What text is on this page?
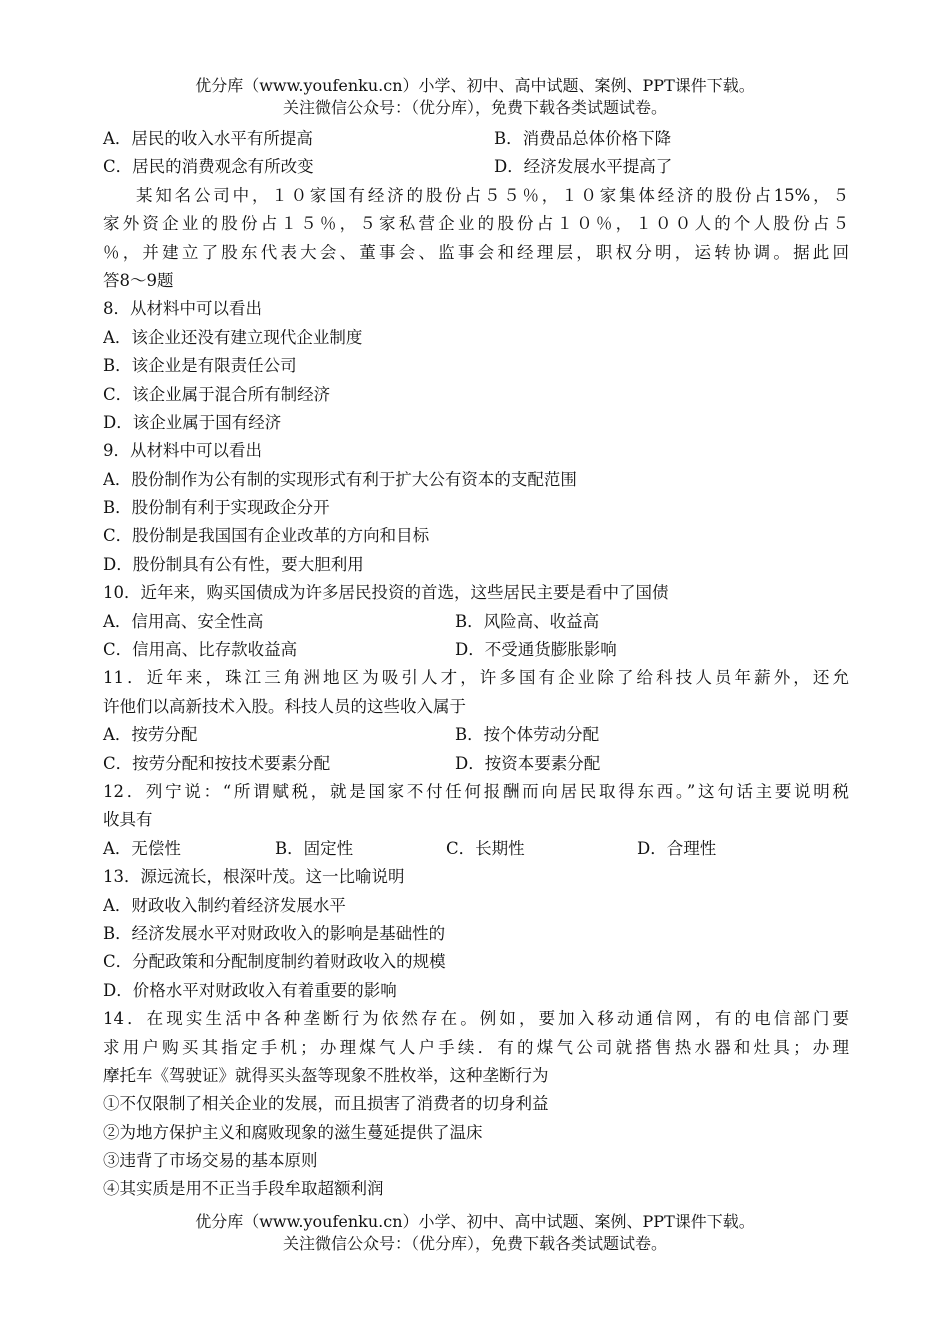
优分库（www.youfenku.cn）小学、初中、高中试题、案例、PPT课件下载。
关注微信公众号：（优分库），免费下载各类试题试卷。
A．居民的收入水平有所提高	B．消费品总体价格下降
C．居民的消费观念有所改变	D．经济发展水平提高了
某知名公司中，１０家国有经济的股份占５５％，１０家集体经济的股份占15%，５
家外资企业的股份占１５％，５家私营企业的股份占１０％，１００人的个人股份占５
％，并建立了股东代表大会、董事会、监事会和经理层，职权分明，运转协调。据此回
答8～9题
8．从材料中可以看出
A．该企业还没有建立现代企业制度
B．该企业是有限责任公司
C．该企业属于混合所有制经济
D．该企业属于国有经济
9．从材料中可以看出
A．股份制作为公有制的实现形式有利于扩大公有资本的支配范围
B．股份制有利于实现政企分开
C．股份制是我国国有企业改革的方向和目标
D．股份制具有公有性，要大胆利用
10．近年来，购买国债成为许多居民投资的首选，这些居民主要是看中了国债
A．信用高、安全性高	B．风险高、收益高
C．信用高、比存款收益高	D．不受通货膨胀影响
11．近年来，珠江三角洲地区为吸引人才，许多国有企业除了给科技人员年薪外，还允
许他们以高新技术入股。科技人员的这些收入属于
A．按劳分配	B．按个体劳动分配
C．按劳分配和按技术要素分配	D．按资本要素分配
12．列宁说：“所谓赋税，就是国家不付任何报酬而向居民取得东西。”这句话主要说明税
收具有
A．无偿性	B．固定性	C．长期性	D．合理性
13．源远流长，根深叶茂。这一比喻说明
A．财政收入制约着经济发展水平
B．经济发展水平对财政收入的影响是基础性的
C．分配政策和分配制度制约着财政收入的规模
D．价格水平对财政收入有着重要的影响
14．在现实生活中各种垄断行为依然存在。例如，要加入移动通信网，有的电信部门要
求用户购买其指定手机；办理煤气人户手续．有的煤气公司就搭售热水器和灶具；办理
摩托车《驾驶证》就得买头盔等现象不胜枚举，这种垄断行为
①不仅限制了相关企业的发展，而且损害了消费者的切身利益
②为地方保护主义和腐败现象的滋生蔓延提供了温床
③违背了市场交易的基本原则
④其实质是用不正当手段牟取超额利润
优分库（www.youfenku.cn）小学、初中、高中试题、案例、PPT课件下载。
关注微信公众号：（优分库），免费下载各类试题试卷。
